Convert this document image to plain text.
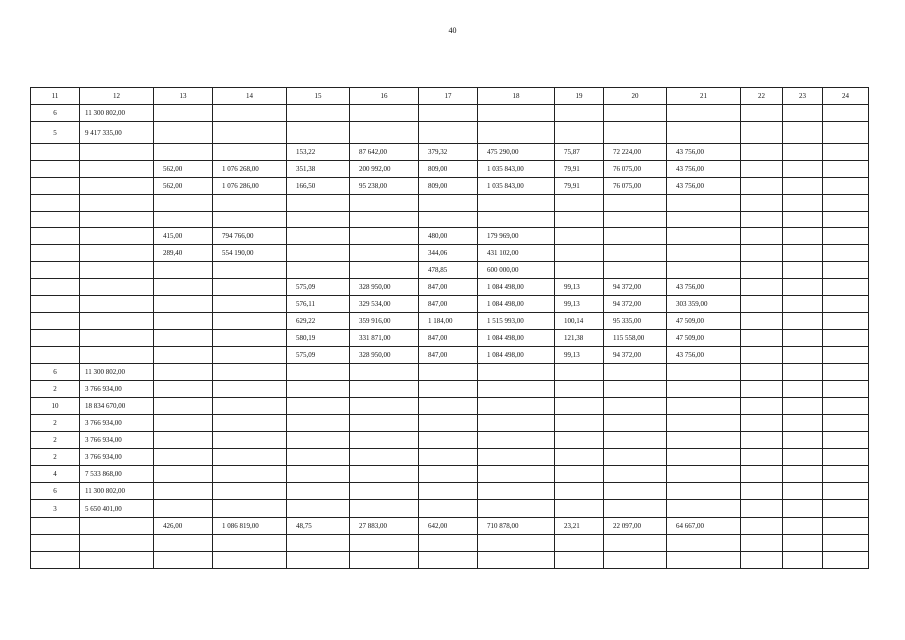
40
11	12	13	14	15	16	17	18	19	20	21	22	23	24
6	11 300 802,00												
5	9 417 335,00												
				153,22	87 642,00	379,32	475 290,00	75,87	72 224,00	43 756,00			
		562,00	1 076 268,00	351,38	200 992,00	809,00	1 035 843,00	79,91	76 075,00	43 756,00			
		562,00	1 076 286,00	166,50	95 238,00	809,00	1 035 843,00	79,91	76 075,00	43 756,00			

		415,00	794 766,00			480,00	179 969,00						
		289,40	554 190,00			344,06	431 102,00						
						478,85	600 000,00						
				575,09	328 950,00	847,00	1 084 498,00	99,13	94 372,00	43 756,00			
				576,11	329 534,00	847,00	1 084 498,00	99,13	94 372,00	303 359,00			
				629,22	359 916,00	1 184,00	1 515 993,00	100,14	95 335,00	47 509,00			
				580,19	331 871,00	847,00	1 084 498,00	121,38	115 558,00	47 509,00			
				575,09	328 950,00	847,00	1 084 498,00	99,13	94 372,00	43 756,00			
6	11 300 802,00												
2	3 766 934,00												
10	18 834 670,00												
2	3 766 934,00												
2	3 766 934,00												
2	3 766 934,00												
4	7 533 868,00												
6	11 300 802,00												
3	5 650 401,00												
		426,00	1 086 819,00	48,75	27 883,00	642,00	710 878,00	23,21	22 097,00	64 667,00			
